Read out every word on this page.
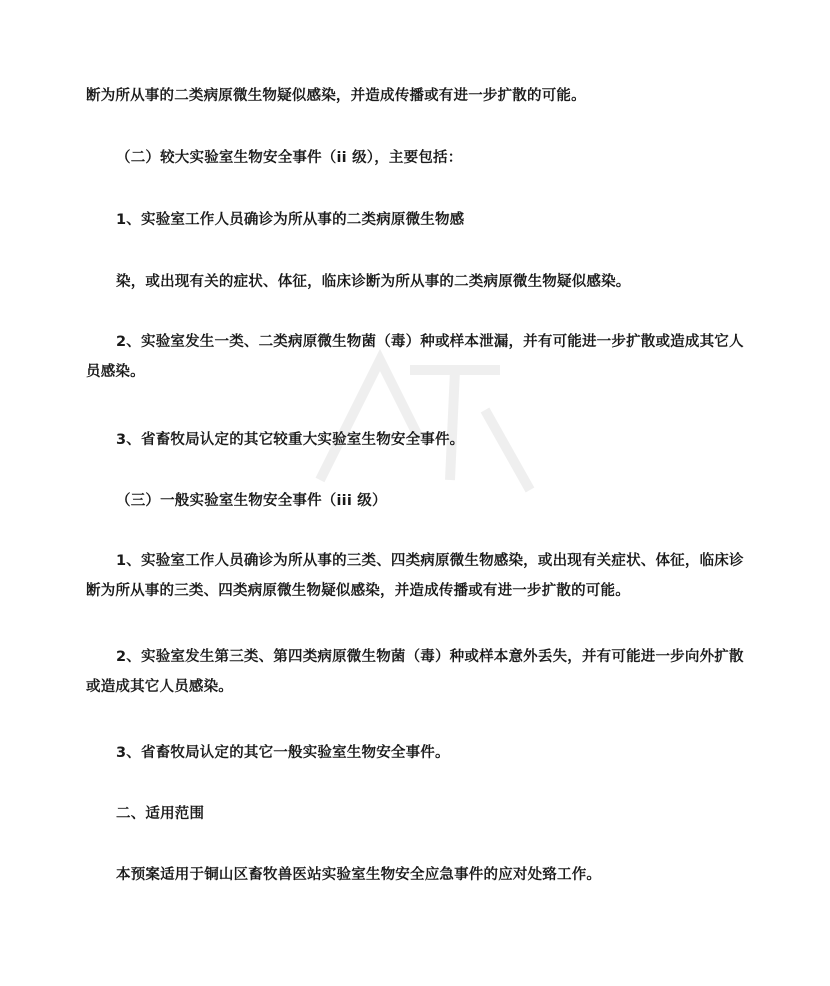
断为所从事的二类病原微生物疑似感染，并造成传播或有进一步扩散的可能。

（二）较大实验室生物安全事件（ii 级），主要包括：

1、实验室工作人员确诊为所从事的二类病原微生物感

染，或出现有关的症状、体征，临床诊断为所从事的二类病原微生物疑似感染。

2、实验室发生一类、二类病原微生物菌（毒）种或样本泄漏，并有可能进一步扩散或造成其它人员感染。

3、省畜牧局认定的其它较重大实验室生物安全事件。

（三）一般实验室生物安全事件（iii 级）

1、实验室工作人员确诊为所从事的三类、四类病原微生物感染，或出现有关症状、体征，临床诊断为所从事的三类、四类病原微生物疑似感染，并造成传播或有进一步扩散的可能。

2、实验室发生第三类、第四类病原微生物菌（毒）种或样本意外丢失，并有可能进一步向外扩散或造成其它人员感染。

3、省畜牧局认定的其它一般实验室生物安全事件。

二、适用范围

本预案适用于铜山区畜牧兽医站实验室生物安全应急事件的应对处臵工作。
